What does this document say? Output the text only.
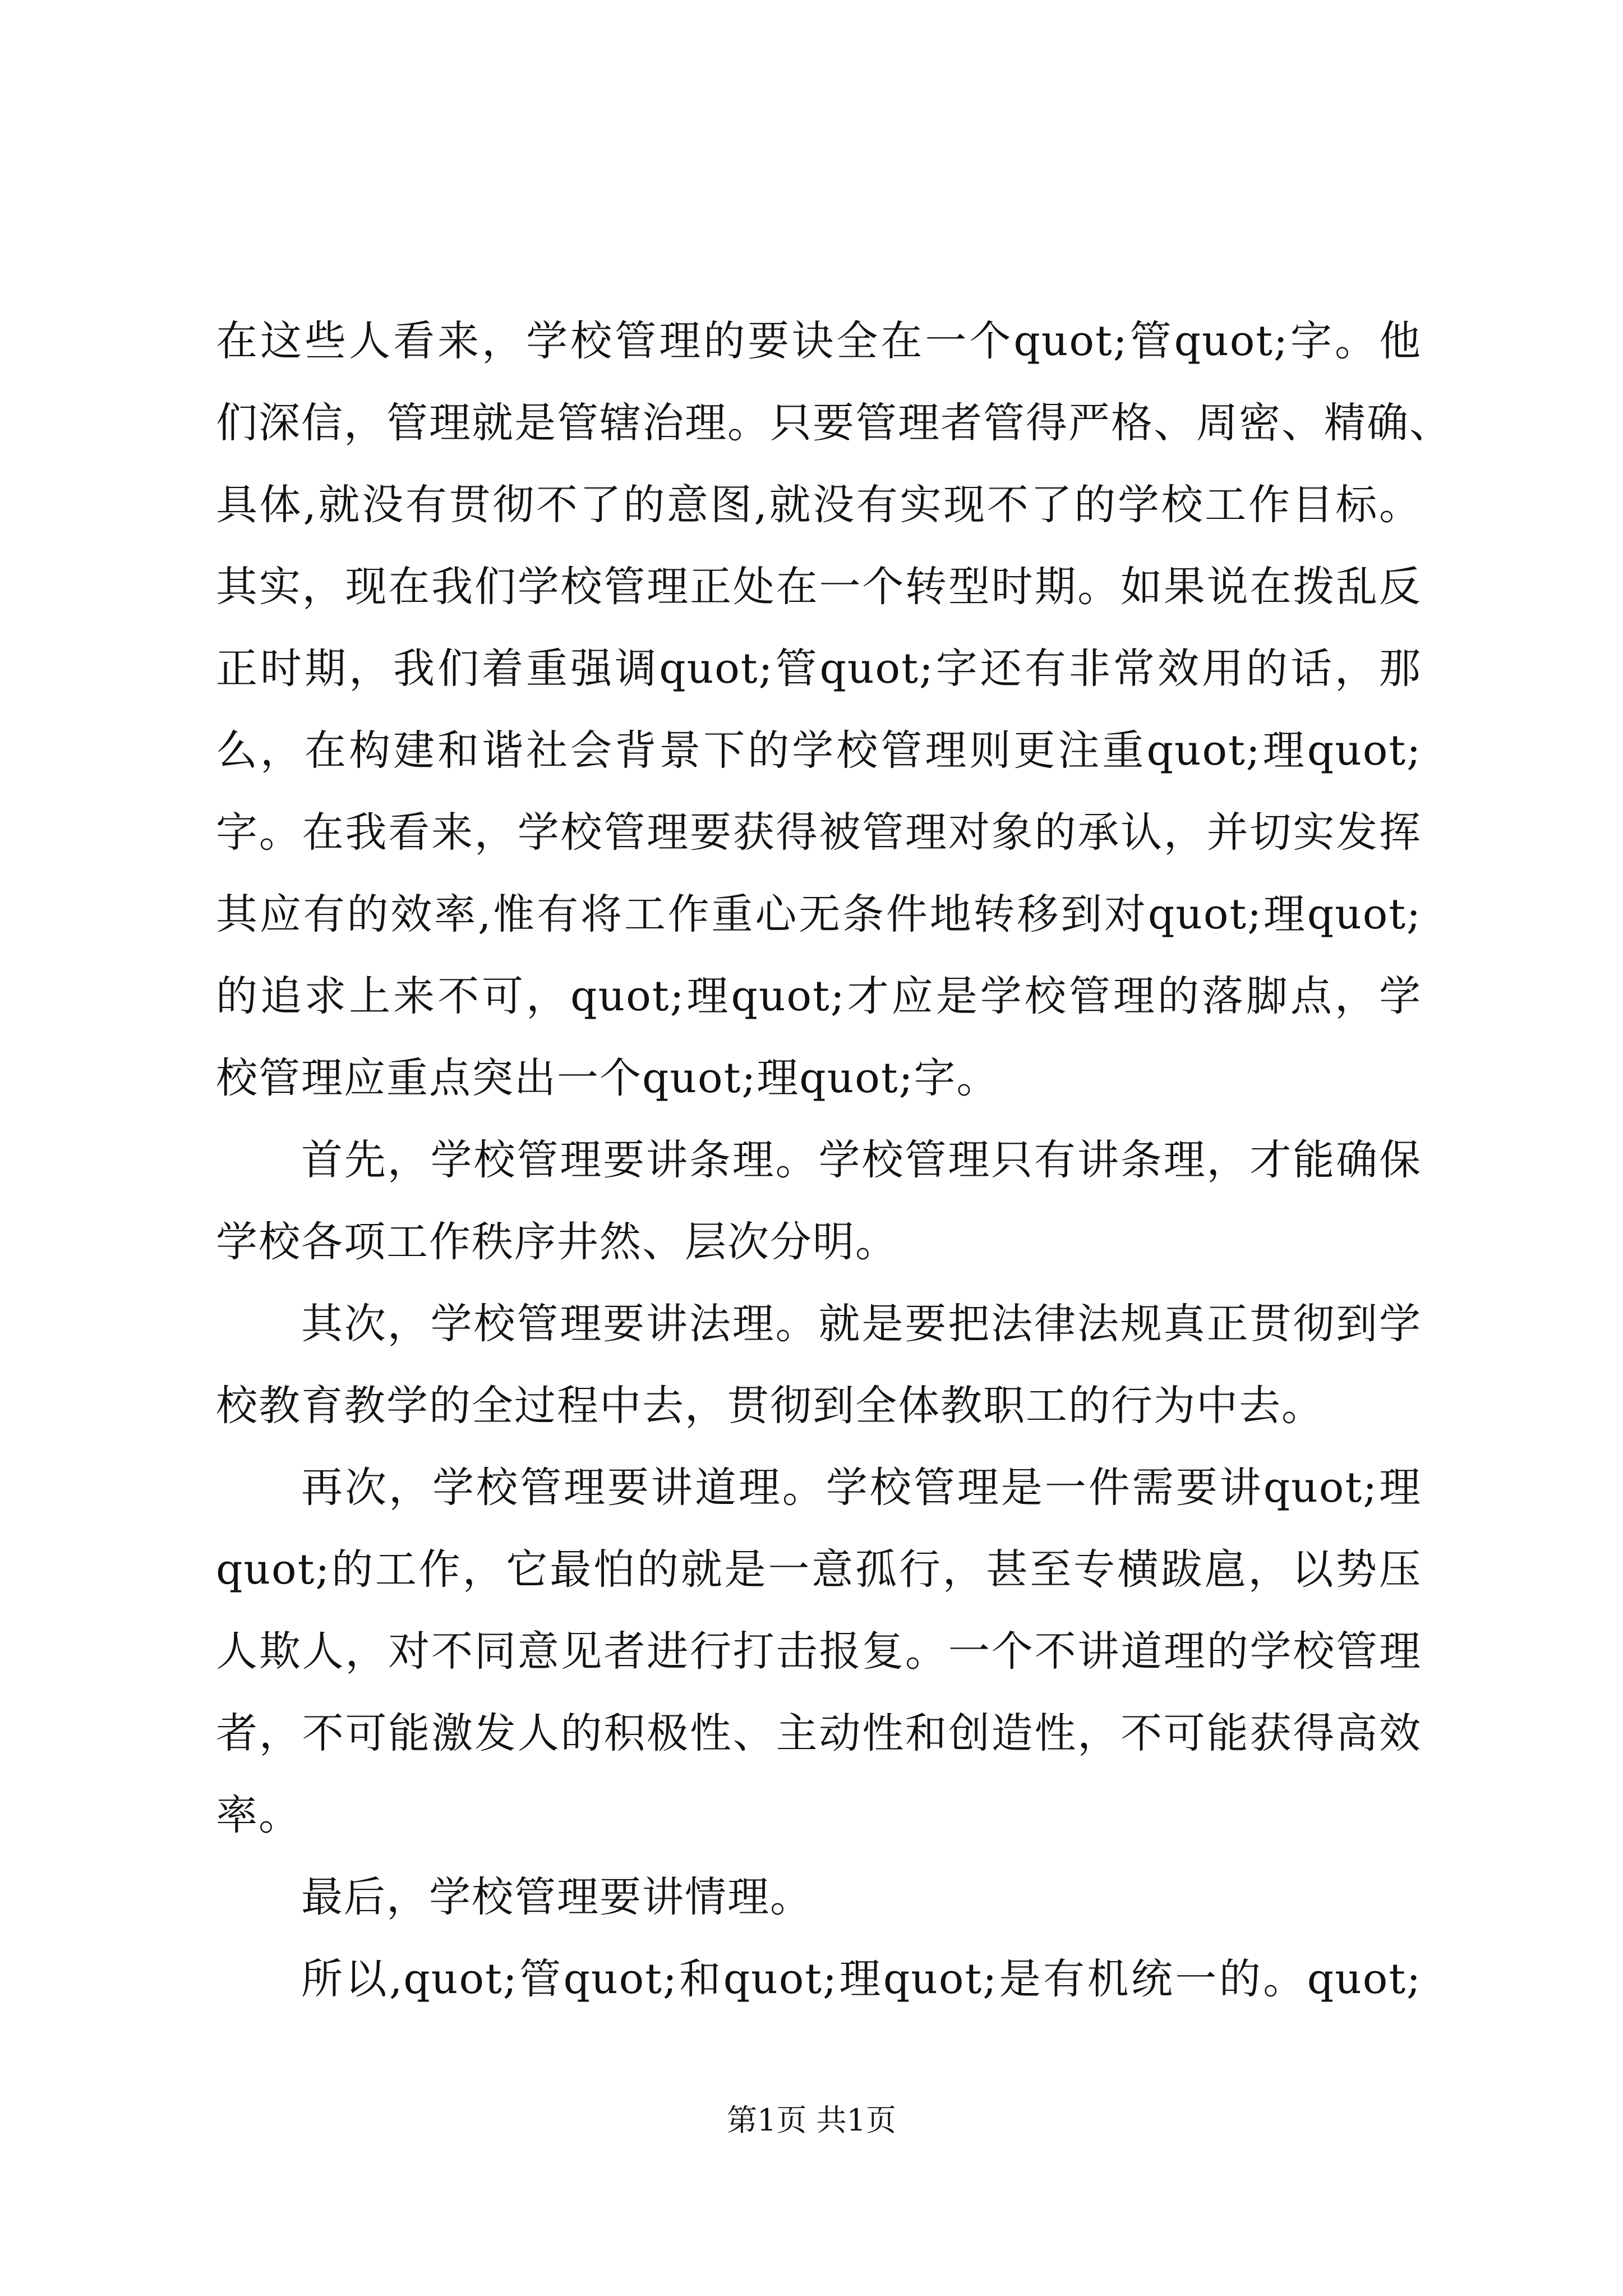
在这些人看来，学校管理的要诀全在一个quot;管quot;字。他
们深信，管理就是管辖治理。只要管理者管得严格、周密、精确、
具体,就没有贯彻不了的意图,就没有实现不了的学校工作目标。
其实，现在我们学校管理正处在一个转型时期。如果说在拨乱反
正时期，我们着重强调quot;管quot;字还有非常效用的话，那
么，在构建和谐社会背景下的学校管理则更注重quot;理quot;
字。在我看来，学校管理要获得被管理对象的承认，并切实发挥
其应有的效率,惟有将工作重心无条件地转移到对quot;理quot;
的追求上来不可，quot;理quot;才应是学校管理的落脚点，学
校管理应重点突出一个quot;理quot;字。
首先，学校管理要讲条理。学校管理只有讲条理，才能确保
学校各项工作秩序井然、层次分明。
其次，学校管理要讲法理。就是要把法律法规真正贯彻到学
校教育教学的全过程中去，贯彻到全体教职工的行为中去。
再次，学校管理要讲道理。学校管理是一件需要讲quot;理
quot;的工作，它最怕的就是一意孤行，甚至专横跋扈，以势压
人欺人，对不同意见者进行打击报复。一个不讲道理的学校管理
者，不可能激发人的积极性、主动性和创造性，不可能获得高效
率。
最后，学校管理要讲情理。
所以,quot;管quot;和quot;理quot;是有机统一的。quot;
第1页 共1页
